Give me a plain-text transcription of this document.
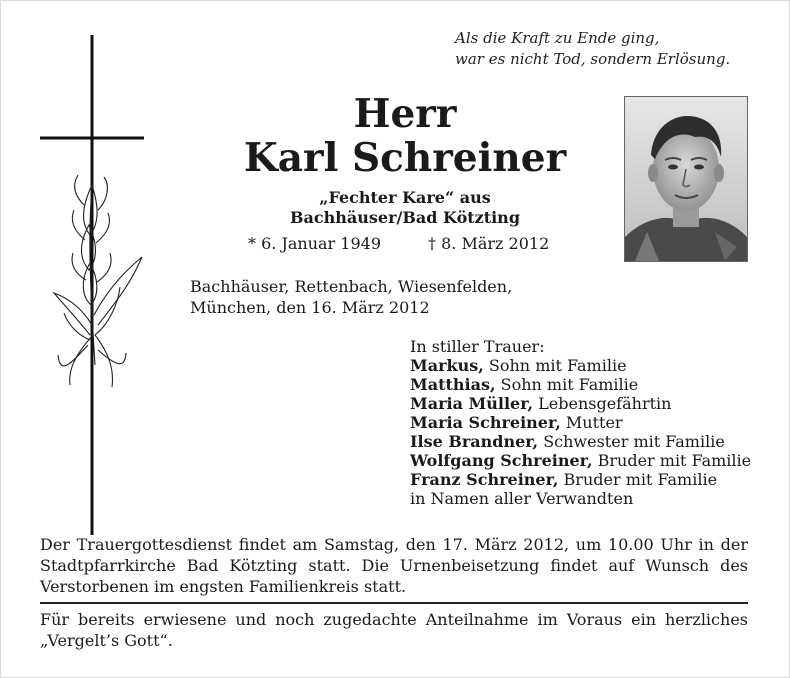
Als die Kraft zu Ende ging,
war es nicht Tod, sondern Erlösung.
Herr
Karl Schreiner
„Fechter Kare“ aus
Bachhäuser/Bad Kötzting
* 6. Januar 1949	† 8. März 2012
Bachhäuser, Rettenbach, Wiesenfelden,
München, den 16. März 2012
In stiller Trauer:
Markus, Sohn mit Familie
Matthias, Sohn mit Familie
Maria Müller, Lebensgefährtin
Maria Schreiner, Mutter
Ilse Brandner, Schwester mit Familie
Wolfgang Schreiner, Bruder mit Familie
Franz Schreiner, Bruder mit Familie
in Namen aller Verwandten
Der Trauergottesdienst findet am Samstag, den 17. März 2012, um 10.00 Uhr in der
Stadtpfarrkirche Bad Kötzting statt. Die Urnenbeisetzung findet auf Wunsch des
Verstorbenen im engsten Familienkreis statt.
Für bereits erwiesene und noch zugedachte Anteilnahme im Voraus ein herzliches
„Vergelt’s Gott“.
